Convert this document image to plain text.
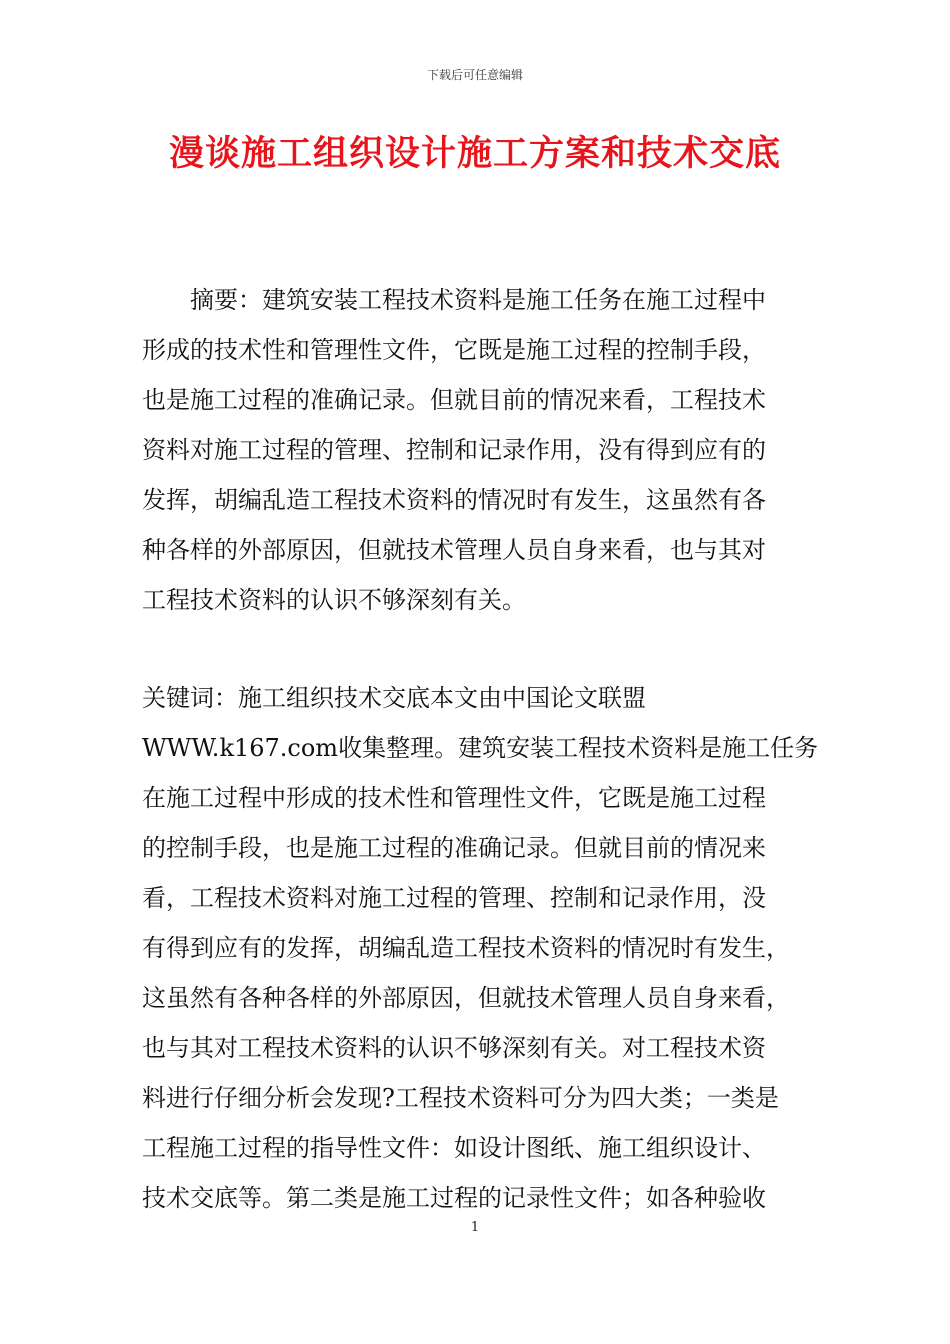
下载后可任意编辑
漫谈施工组织设计施工方案和技术交底
　　摘要：建筑安装工程技术资料是施工任务在施工过程中
形成的技术性和管理性文件，它既是施工过程的控制手段，
也是施工过程的准确记录。但就目前的情况来看，工程技术
资料对施工过程的管理、控制和记录作用，没有得到应有的
发挥，胡编乱造工程技术资料的情况时有发生，这虽然有各
种各样的外部原因，但就技术管理人员自身来看，也与其对
工程技术资料的认识不够深刻有关。
关键词：施工组织技术交底本文由中国论文联盟
WWW.k167.com收集整理。建筑安装工程技术资料是施工任务
在施工过程中形成的技术性和管理性文件，它既是施工过程
的控制手段，也是施工过程的准确记录。但就目前的情况来
看，工程技术资料对施工过程的管理、控制和记录作用，没
有得到应有的发挥，胡编乱造工程技术资料的情况时有发生，
这虽然有各种各样的外部原因，但就技术管理人员自身来看，
也与其对工程技术资料的认识不够深刻有关。对工程技术资
料进行仔细分析会发现?工程技术资料可分为四大类；一类是
工程施工过程的指导性文件：如设计图纸、施工组织设计、
技术交底等。第二类是施工过程的记录性文件；如各种验收
1
